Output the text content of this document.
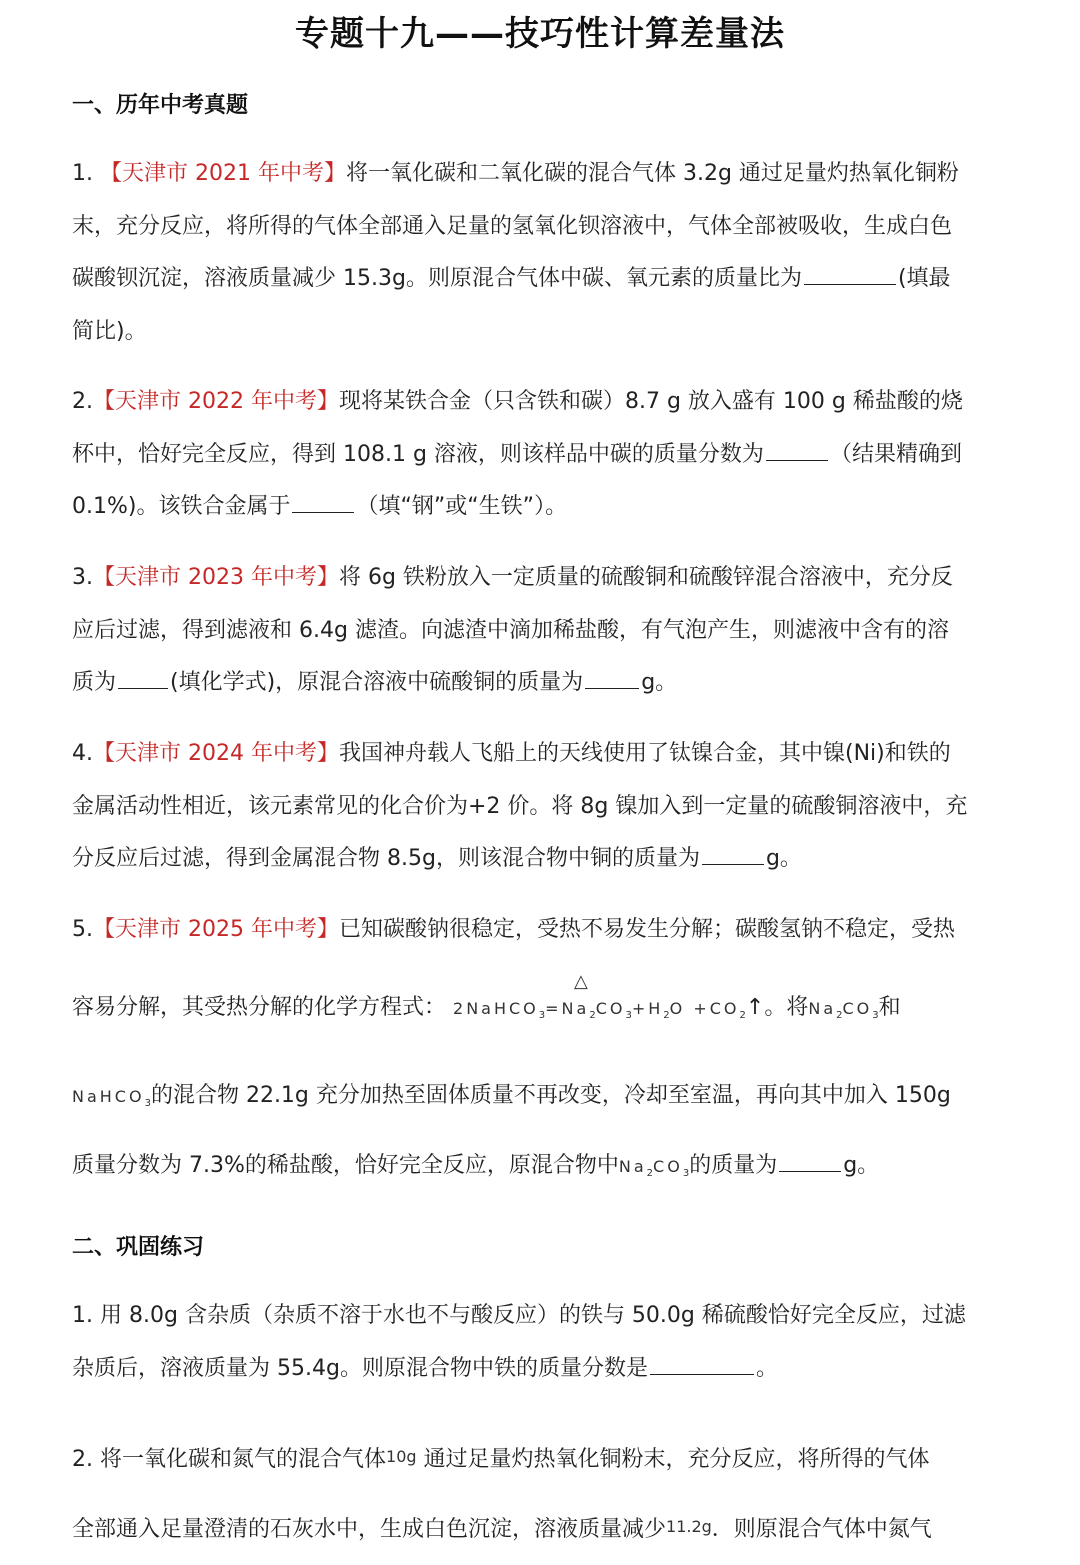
专题十九——技巧性计算差量法
一、历年中考真题
1. 【天津市 2021 年中考】将一氧化碳和二氧化碳的混合气体 3.2g 通过足量灼热氧化铜粉
末，充分反应，将所得的气体全部通入足量的氢氧化钡溶液中，气体全部被吸收，生成白色
碳酸钡沉淀，溶液质量减少 15.3g。则原混合气体中碳、氧元素的质量比为	(填最
简比)。
2.【天津市 2022 年中考】现将某铁合金（只含铁和碳）8.7 g 放入盛有 100 g 稀盐酸的烧
杯中，恰好完全反应，得到 108.1 g 溶液，则该样品中碳的质量分数为	（结果精确到
0.1%)。该铁合金属于	（填“钢”或“生铁”）。
3.【天津市 2023 年中考】将 6g 铁粉放入一定质量的硫酸铜和硫酸锌混合溶液中，充分反
应后过滤，得到滤液和 6.4g 滤渣。向滤渣中滴加稀盐酸，有气泡产生，则滤液中含有的溶
质为 (填化学式)，原混合溶液中硫酸铜的质量为	g。
4.【天津市 2024 年中考】我国神舟载人飞船上的天线使用了钛镍合金，其中镍(Ni)和铁的
金属活动性相近，该元素常见的化合价为+2 价。将 8g 镍加入到一定量的硫酸铜溶液中，充
分反应后过滤，得到金属混合物 8.5g，则该混合物中铜的质量为	g。
5.【天津市 2025 年中考】已知碳酸钠很稳定，受热不易发生分解；碳酸氢钠不稳定，受热
容易分解，其受热分解的化学方程式：
△
$2NaHCO_3=Na_2CO_3+H_2O$ $+CO_2↑$。将$Na_2CO_3$和
NaHCO$_3$的混合物 22.1g 充分加热至固体质量不再改变，冷却至室温，再向其中加入 150g
质量分数为 7.3%的稀盐酸，恰好完全反应，原混合物中$Na_2CO_3$的质量为	g。
二、巩固练习
1. 用 8.0g 含杂质（杂质不溶于水也不与酸反应）的铁与 50.0g 稀硫酸恰好完全反应，过滤
杂质后，溶液质量为 55.4g。则原混合物中铁的质量分数是	。
2. 将一氧化碳和氮气的混合气体10g 通过足量灼热氧化铜粉末，充分反应，将所得的气体
全部通入足量澄清的石灰水中，生成白色沉淀，溶液质量减少11.2g．则原混合气体中氮气
